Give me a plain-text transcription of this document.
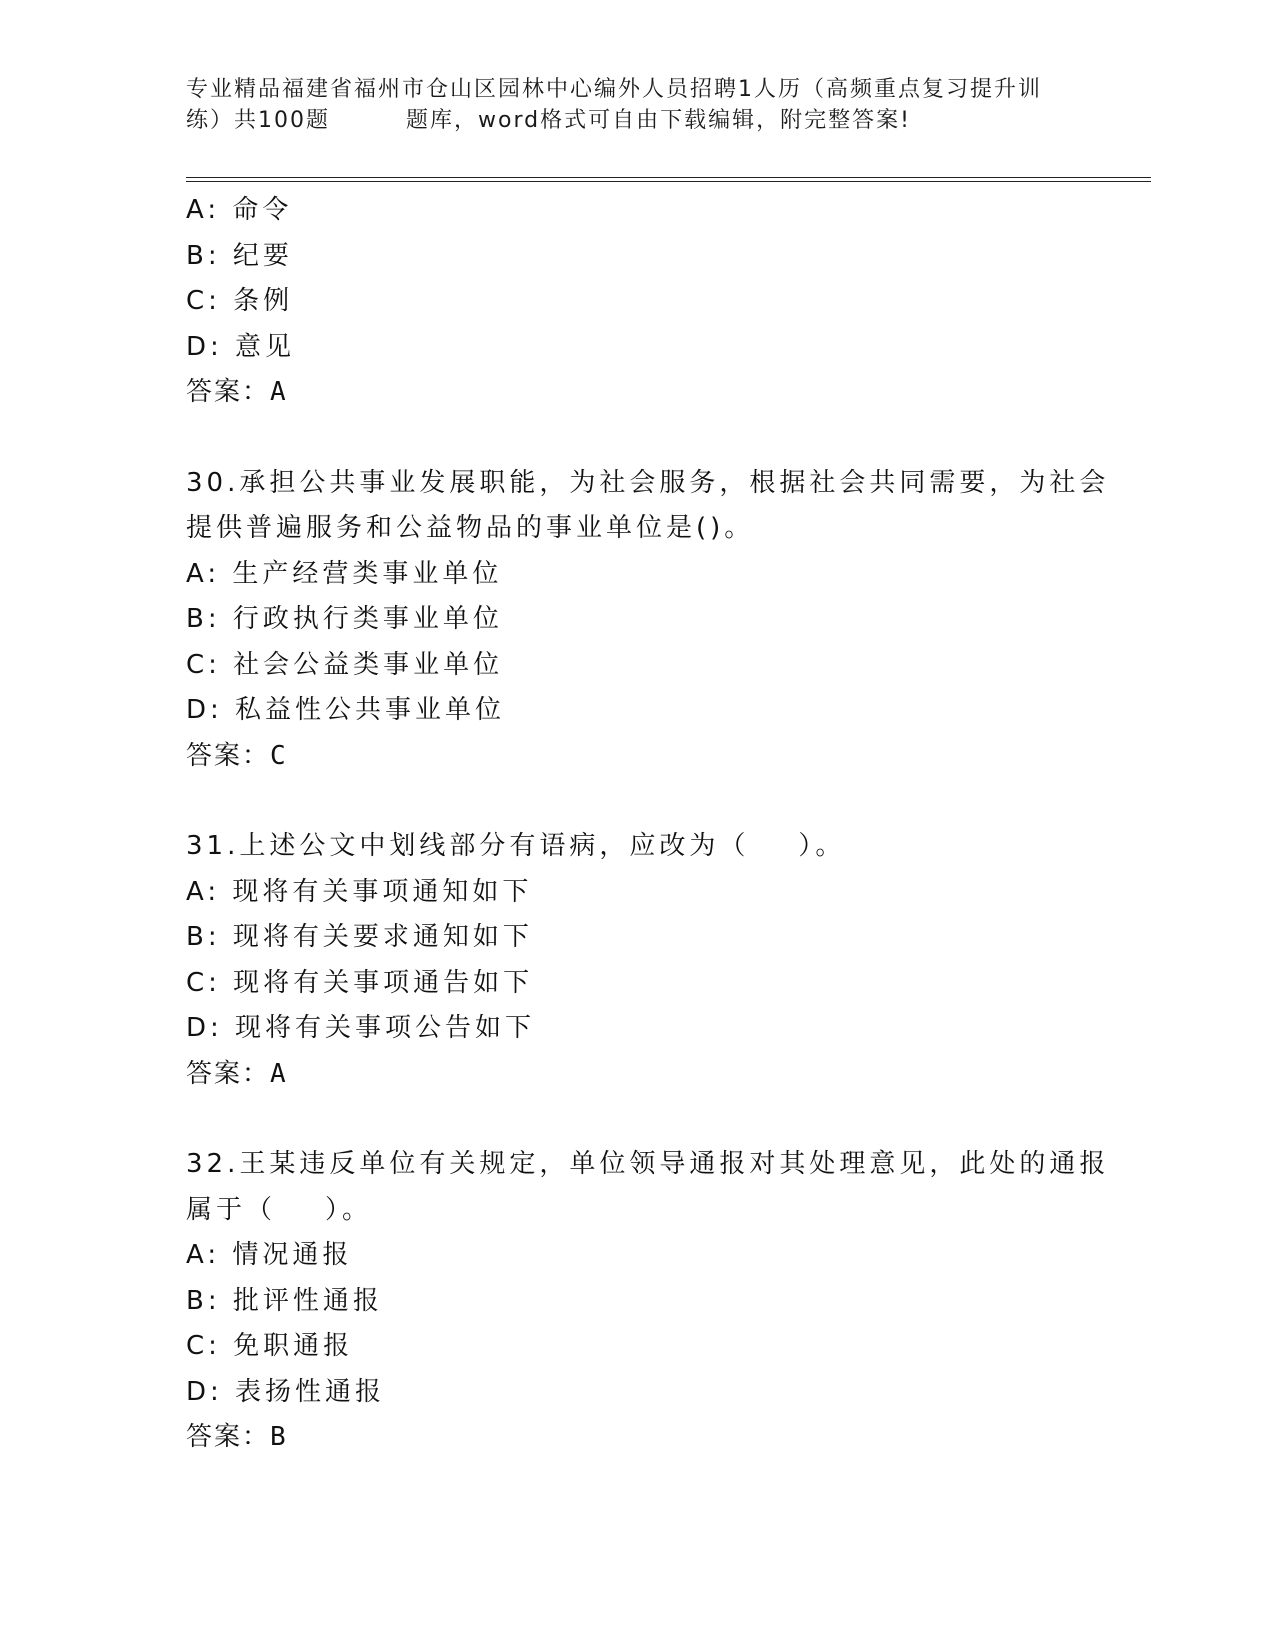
专业精品福建省福州市仓山区园林中心编外人员招聘1人历（高频重点复习提升训
练）共100题	题库，word格式可自由下载编辑，附完整答案!
A: 命令
B: 纪要
C: 条例
D: 意见
答案：A
30.承担公共事业发展职能，为社会服务，根据社会共同需要，为社会
提供普遍服务和公益物品的事业单位是()。
A: 生产经营类事业单位
B: 行政执行类事业单位
C: 社会公益类事业单位
D: 私益性公共事业单位
答案：C
31.上述公文中划线部分有语病，应改为（    ）。
A: 现将有关事项通知如下
B: 现将有关要求通知如下
C: 现将有关事项通告如下
D: 现将有关事项公告如下
答案：A
32.王某违反单位有关规定，单位领导通报对其处理意见，此处的通报
属于（    ）。
A: 情况通报
B: 批评性通报
C: 免职通报
D: 表扬性通报
答案：B
